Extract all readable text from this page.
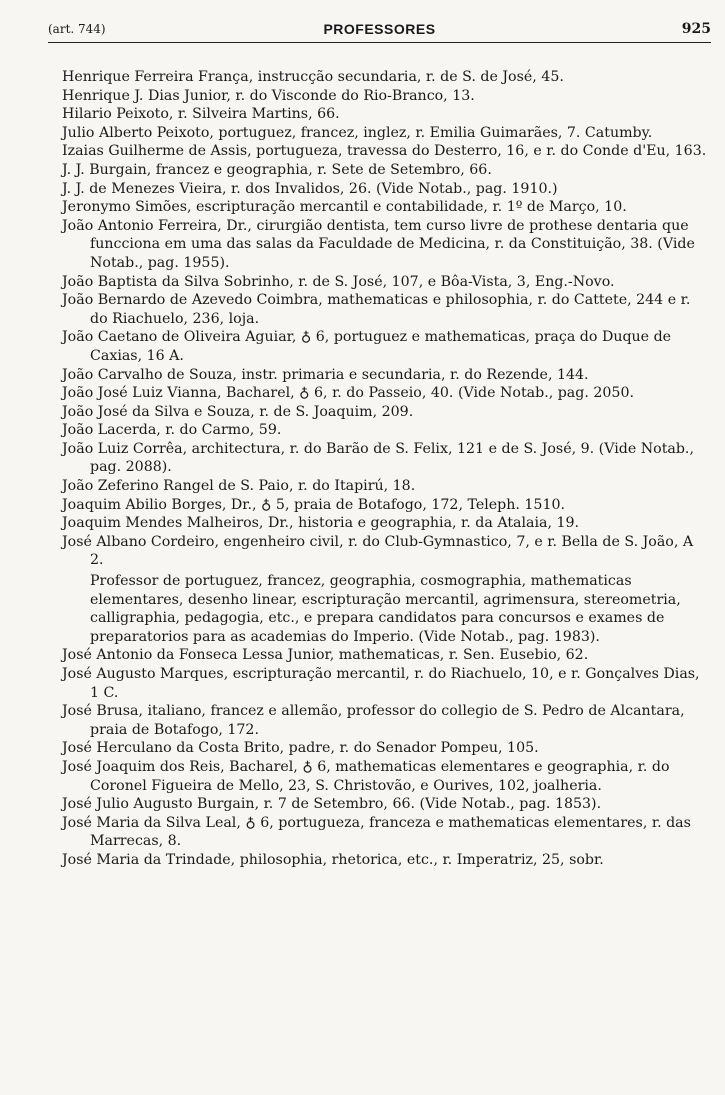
(art. 744)	PROFESSORES	925

Henrique Ferreira França, instrucção secundaria, r. de S. de José, 45.

Henrique J. Dias Junior, r. do Visconde do Rio-Branco, 13.

Hilario Peixoto, r. Silveira Martins, 66.

Julio Alberto Peixoto, portuguez, francez, inglez, r. Emilia Guimarães, 7. Catumby.

Izaias Guilherme de Assis, portugueza, travessa do Desterro, 16, e r. do Conde d'Eu, 163.

J. J. Burgain, francez e geographia, r. Sete de Setembro, 66.

J. J. de Menezes Vieira, r. dos Invalidos, 26. (Vide Notab., pag. 1910.)

Jeronymo Simões, escripturação mercantil e contabilidade, r. 1º de Março, 10.

João Antonio Ferreira, Dr., cirurgião dentista, tem curso livre de prothese dentaria que funcciona em uma das salas da Faculdade de Medicina, r. da Constituição, 38. (Vide Notab., pag. 1955).

João Baptista da Silva Sobrinho, r. de S. José, 107, e Bôa-Vista, 3, Eng.-Novo.

João Bernardo de Azevedo Coimbra, mathematicas e philosophia, r. do Cattete, 244 e r. do Riachuelo, 236, loja.

João Caetano de Oliveira Aguiar, ♁ 6, portuguez e mathematicas, praça do Duque de Caxias, 16 A.

João Carvalho de Souza, instr. primaria e secundaria, r. do Rezende, 144.

João José Luiz Vianna, Bacharel, ♁ 6, r. do Passeio, 40. (Vide Notab., pag. 2050.

João José da Silva e Souza, r. de S. Joaquim, 209.

João Lacerda, r. do Carmo, 59.

João Luiz Corrêa, architectura, r. do Barão de S. Felix, 121 e de S. José, 9. (Vide Notab., pag. 2088).

João Zeferino Rangel de S. Paio, r. do Itapirú, 18.

Joaquim Abilio Borges, Dr., ♁ 5, praia de Botafogo, 172, Teleph. 1510.

Joaquim Mendes Malheiros, Dr., historia e geographia, r. da Atalaia, 19.

José Albano Cordeiro, engenheiro civil, r. do Club-Gymnastico, 7, e r. Bella de S. João, A 2.

Professor de portuguez, francez, geographia, cosmographia, mathematicas elementares, desenho linear, escripturação mercantil, agrimensura, stereometria, calligraphia, pedagogia, etc., e prepara candidatos para concursos e exames de preparatorios para as academias do Imperio. (Vide Notab., pag. 1983).

José Antonio da Fonseca Lessa Junior, mathematicas, r. Sen. Eusebio, 62.

José Augusto Marques, escripturação mercantil, r. do Riachuelo, 10, e r. Gonçalves Dias, 1 C.

José Brusa, italiano, francez e allemão, professor do collegio de S. Pedro de Alcantara, praia de Botafogo, 172.

José Herculano da Costa Brito, padre, r. do Senador Pompeu, 105.

José Joaquim dos Reis, Bacharel, ♁ 6, mathematicas elementares e geographia, r. do Coronel Figueira de Mello, 23, S. Christovão, e Ourives, 102, joalheria.

José Julio Augusto Burgain, r. 7 de Setembro, 66. (Vide Notab., pag. 1853).

José Maria da Silva Leal, ♁ 6, portugueza, franceza e mathematicas elementares, r. das Marrecas, 8.

José Maria da Trindade, philosophia, rhetorica, etc., r. Imperatriz, 25, sobr.
